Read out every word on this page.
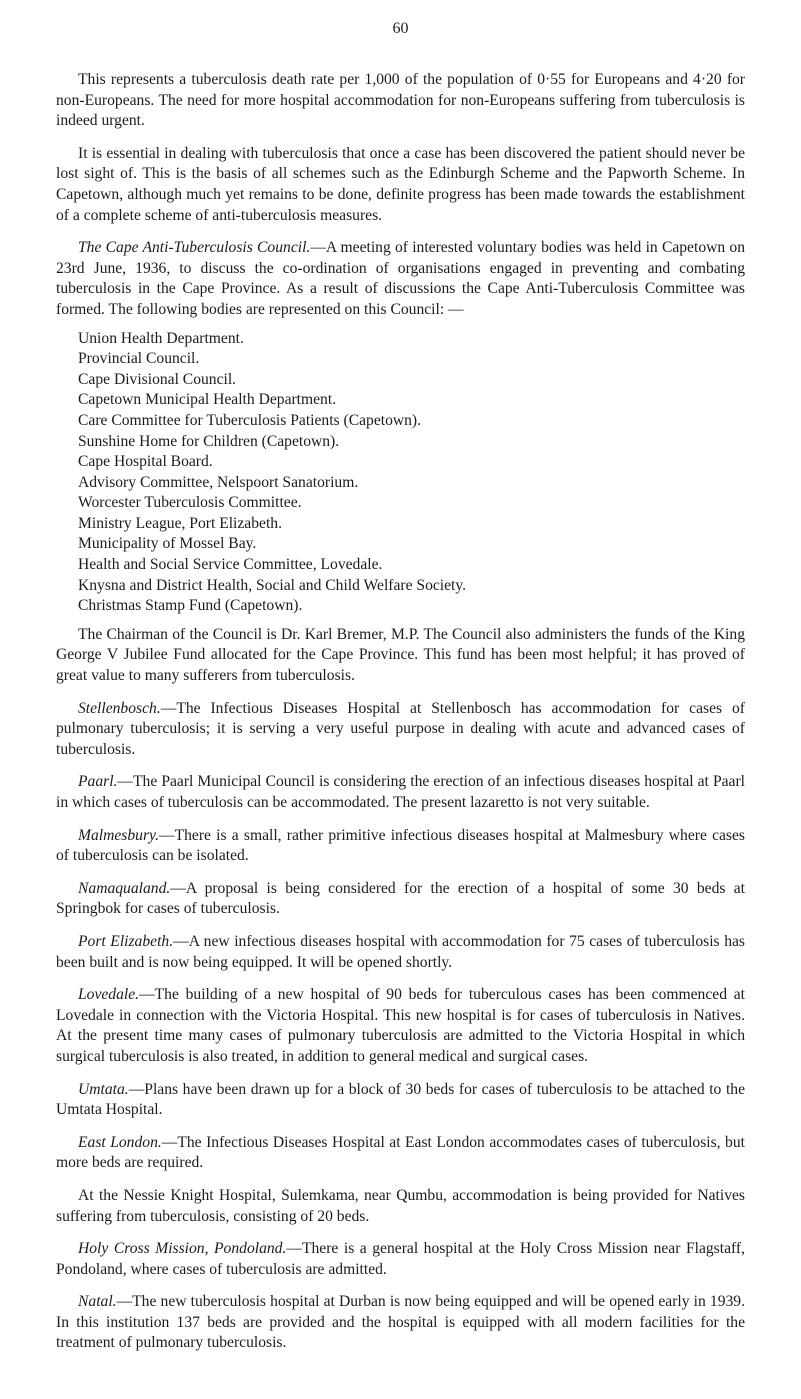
60

This represents a tuberculosis death rate per 1,000 of the population of 0·55 for Europeans and 4·20 for non-Europeans. The need for more hospital accommodation for non-Europeans suffering from tuberculosis is indeed urgent.

It is essential in dealing with tuberculosis that once a case has been discovered the patient should never be lost sight of. This is the basis of all schemes such as the Edinburgh Scheme and the Papworth Scheme. In Capetown, although much yet remains to be done, definite progress has been made towards the establishment of a complete scheme of anti-tuberculosis measures.

The Cape Anti-Tuberculosis Council.—A meeting of interested voluntary bodies was held in Capetown on 23rd June, 1936, to discuss the co-ordination of organisations engaged in preventing and combating tuberculosis in the Cape Province. As a result of discussions the Cape Anti-Tuberculosis Committee was formed. The following bodies are represented on this Council: —

Union Health Department.
Provincial Council.
Cape Divisional Council.
Capetown Municipal Health Department.
Care Committee for Tuberculosis Patients (Capetown).
Sunshine Home for Children (Capetown).
Cape Hospital Board.
Advisory Committee, Nelspoort Sanatorium.
Worcester Tuberculosis Committee.
Ministry League, Port Elizabeth.
Municipality of Mossel Bay.
Health and Social Service Committee, Lovedale.
Knysna and District Health, Social and Child Welfare Society.
Christmas Stamp Fund (Capetown).

The Chairman of the Council is Dr. Karl Bremer, M.P. The Council also administers the funds of the King George V Jubilee Fund allocated for the Cape Province. This fund has been most helpful; it has proved of great value to many sufferers from tuberculosis.

Stellenbosch.—The Infectious Diseases Hospital at Stellenbosch has accommodation for cases of pulmonary tuberculosis; it is serving a very useful purpose in dealing with acute and advanced cases of tuberculosis.

Paarl.—The Paarl Municipal Council is considering the erection of an infectious diseases hospital at Paarl in which cases of tuberculosis can be accommodated. The present lazaretto is not very suitable.

Malmesbury.—There is a small, rather primitive infectious diseases hospital at Malmesbury where cases of tuberculosis can be isolated.

Namaqualand.—A proposal is being considered for the erection of a hospital of some 30 beds at Springbok for cases of tuberculosis.

Port Elizabeth.—A new infectious diseases hospital with accommodation for 75 cases of tuberculosis has been built and is now being equipped. It will be opened shortly.

Lovedale.—The building of a new hospital of 90 beds for tuberculous cases has been commenced at Lovedale in connection with the Victoria Hospital. This new hospital is for cases of tuberculosis in Natives. At the present time many cases of pulmonary tuberculosis are admitted to the Victoria Hospital in which surgical tuberculosis is also treated, in addition to general medical and surgical cases.

Umtata.—Plans have been drawn up for a block of 30 beds for cases of tuberculosis to be attached to the Umtata Hospital.

East London.—The Infectious Diseases Hospital at East London accommodates cases of tuberculosis, but more beds are required.

At the Nessie Knight Hospital, Sulemkama, near Qumbu, accommodation is being provided for Natives suffering from tuberculosis, consisting of 20 beds.

Holy Cross Mission, Pondoland.—There is a general hospital at the Holy Cross Mission near Flagstaff, Pondoland, where cases of tuberculosis are admitted.

Natal.—The new tuberculosis hospital at Durban is now being equipped and will be opened early in 1939. In this institution 137 beds are provided and the hospital is equipped with all modern facilities for the treatment of pulmonary tuberculosis.
